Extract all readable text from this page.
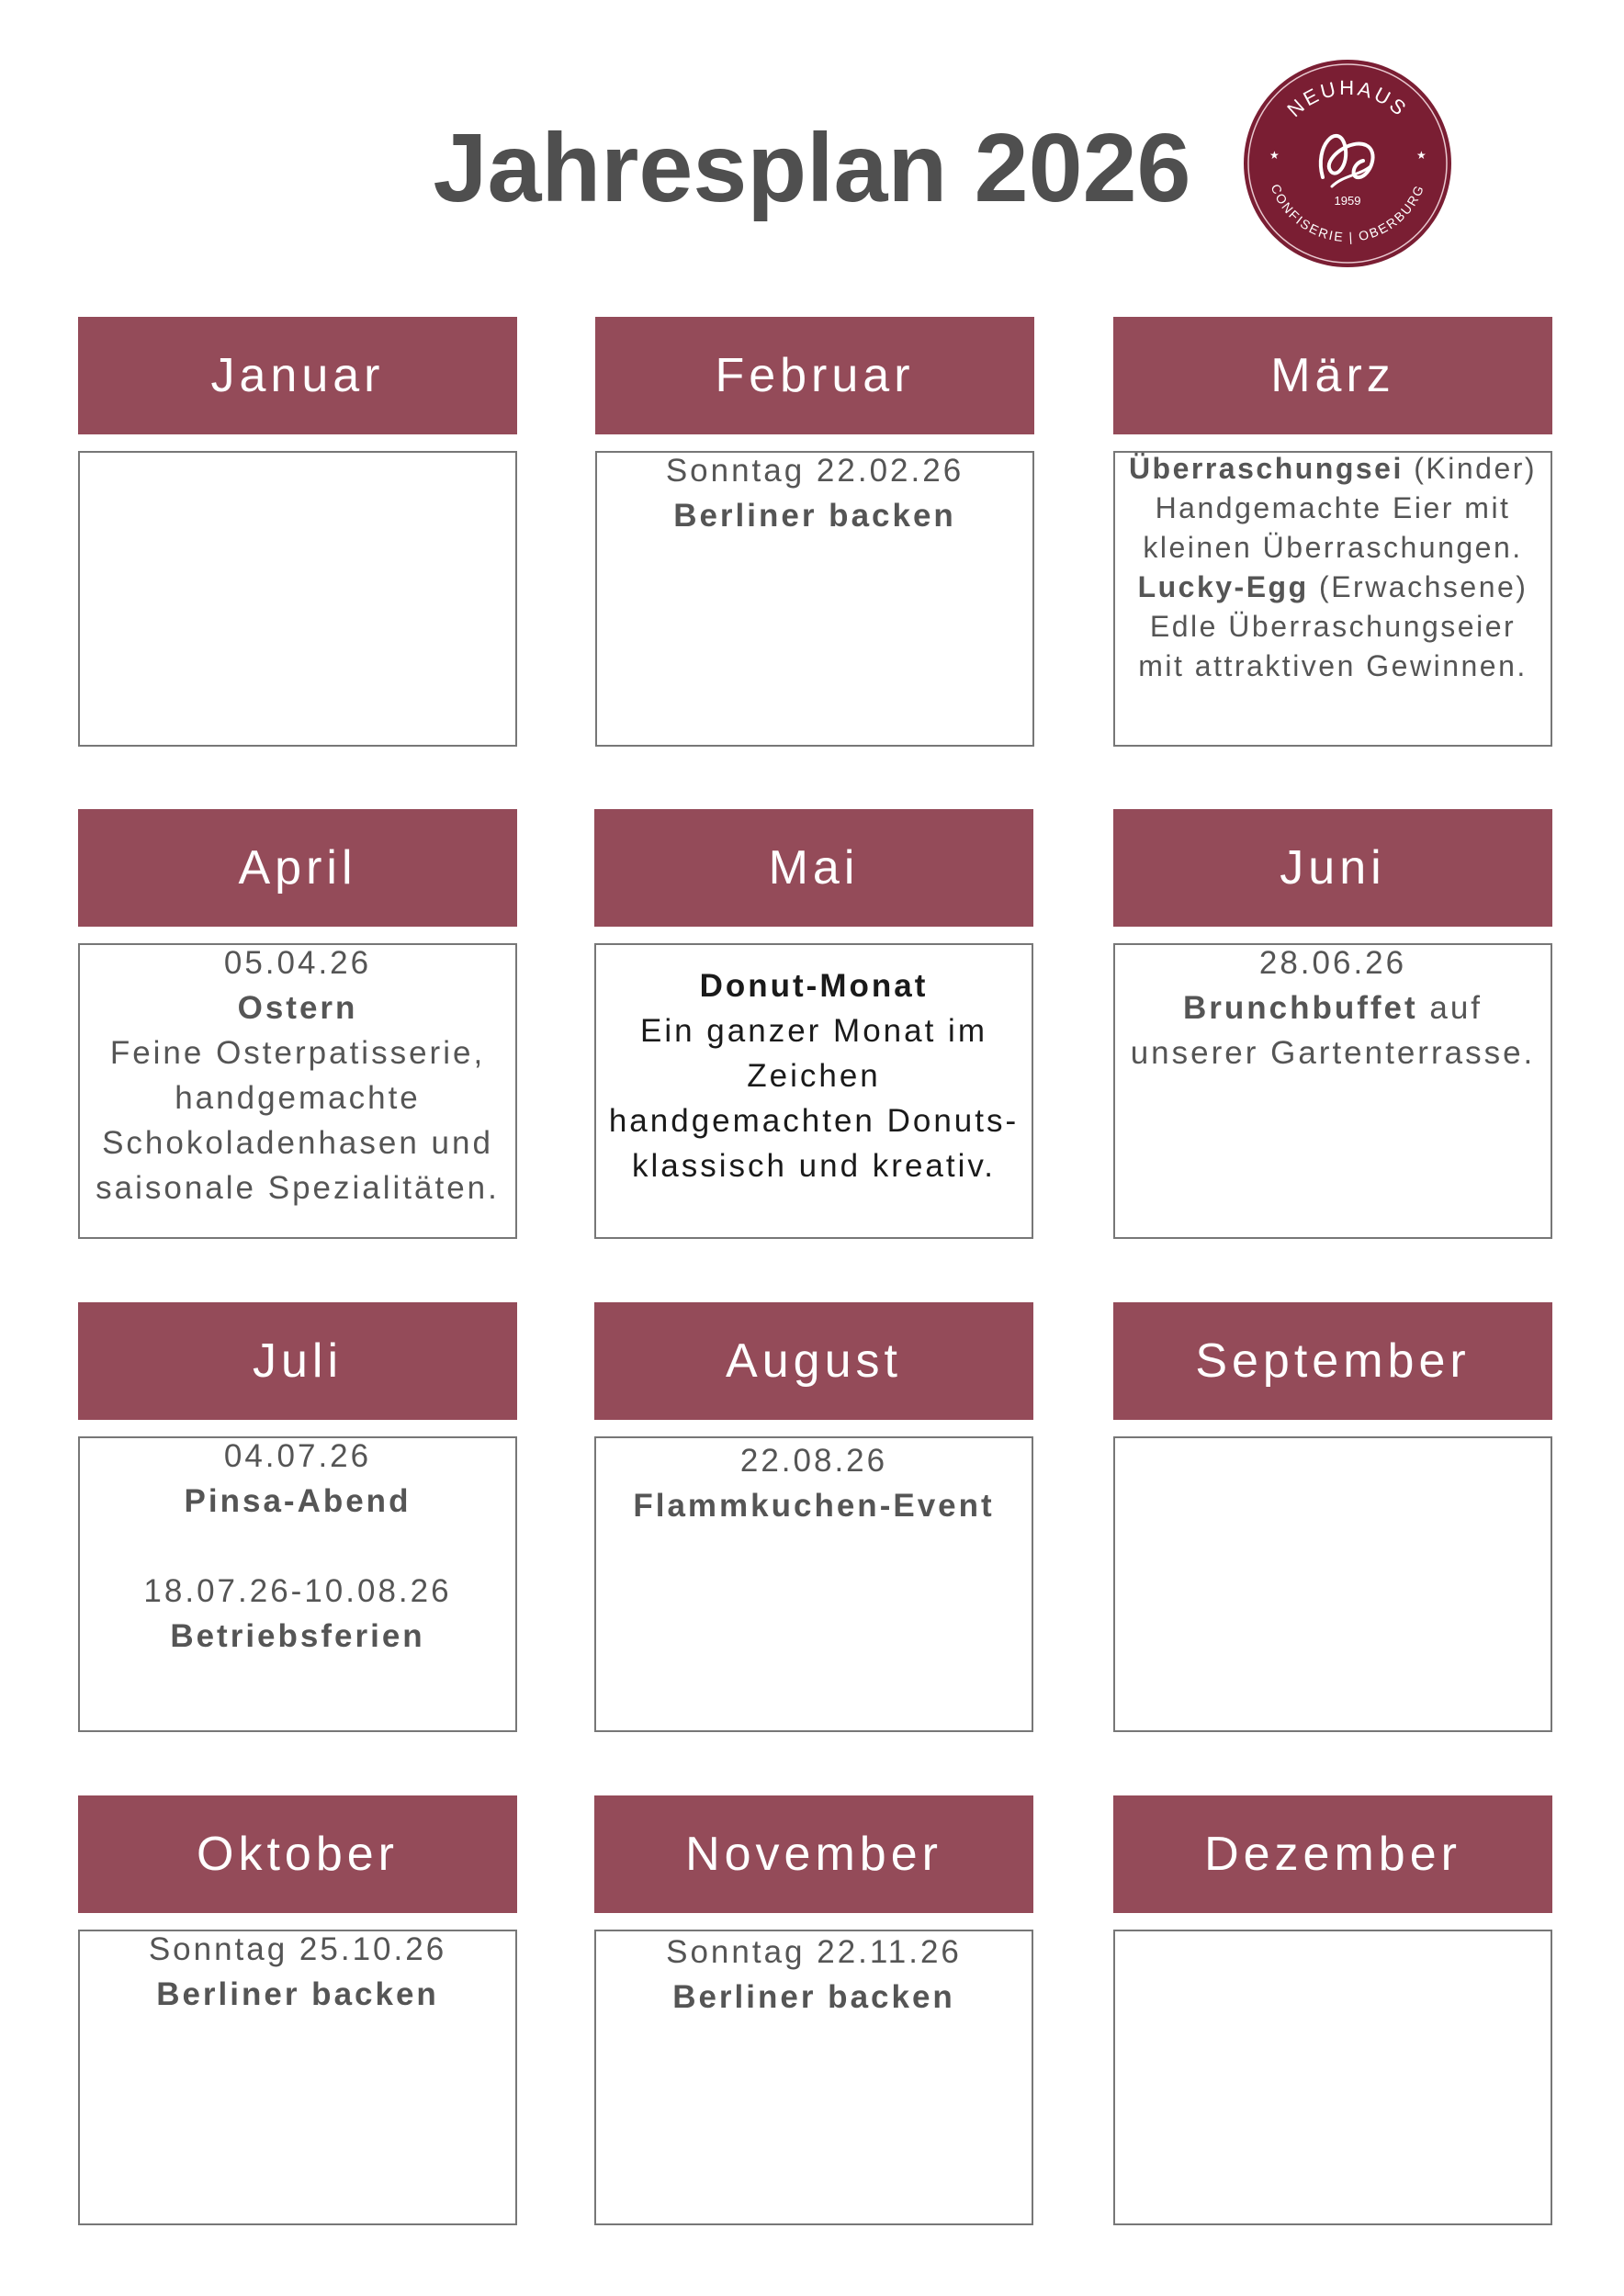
Jahresplan 2026
NEUHAUS
CONFISERIE | OBERBURG
★	★
1959
Januar	Februar
Sonntag 22.02.26
Berliner backen
März
Überraschungsei (Kinder)
Handgemachte Eier mit
kleinen Überraschungen.
Lucky-Egg (Erwachsene)
Edle Überraschungseier
mit attraktiven Gewinnen.
April
05.04.26
Ostern
Feine Osterpatisserie,
handgemachte
Schokoladenhasen und
saisonale Spezialitäten.
Mai
Donut-Monat
Ein ganzer Monat im
Zeichen
handgemachten Donuts-
klassisch und kreativ.
Juni
28.06.26
Brunchbuffet auf
unserer Gartenterrasse.
Juli
04.07.26
Pinsa-Abend
18.07.26-10.08.26
Betriebsferien
August
22.08.26
Flammkuchen-Event
September
Oktober
Sonntag 25.10.26
Berliner backen
November
Sonntag 22.11.26
Berliner backen
Dezember
